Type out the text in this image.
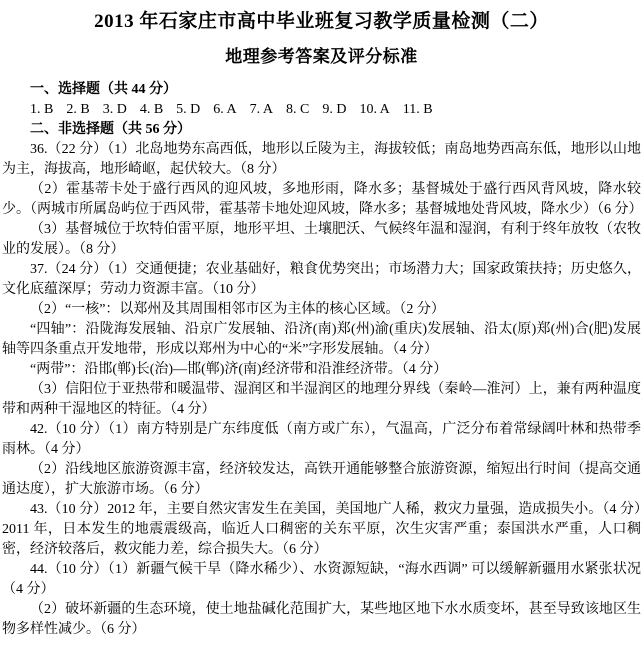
2013 年石家庄市高中毕业班复习教学质量检测（二）
地理参考答案及评分标准
一、选择题（共 44 分）
1. B 2. B 3. D 4. B 5. D 6. A 7. A 8. C 9. D 10. A 11. B
二、非选择题（共 56 分）

36.（22 分）（1）北岛地势东高西低，地形以丘陵为主，海拔较低；南岛地势西高东低，地形以山地为主，海拔高，地形崎岖，起伏较大。（8 分）

（2）霍基蒂卡处于盛行西风的迎风坡，多地形雨，降水多；基督城处于盛行西风背风坡，降水较少。（两城市所属岛屿位于西风带，霍基蒂卡地处迎风坡，降水多；基督城地处背风坡，降水少）（6 分）

（3）基督城位于坎特伯雷平原，地形平坦、土壤肥沃、气候终年温和湿润，有利于终年放牧（农牧业的发展）。（8 分）

37.（24 分）（1）交通便捷；农业基础好，粮食优势突出；市场潜力大；国家政策扶持；历史悠久，文化底蕴深厚；劳动力资源丰富。（10 分）

（2）“一核”：以郑州及其周围相邻市区为主体的核心区域。（2 分）

“四轴”：沿陇海发展轴、沿京广发展轴、沿济(南)郑(州)渝(重庆)发展轴、沿太(原)郑(州)合(肥)发展轴等四条重点开发地带，形成以郑州为中心的“米”字形发展轴。（4 分）

“两带”：沿邯(郸)长(治)—邯(郸)济(南)经济带和沿淮经济带。（4 分）

（3）信阳位于亚热带和暖温带、湿润区和半湿润区的地理分界线（秦岭—淮河）上，兼有两种温度带和两种干湿地区的特征。（4 分）

42.（10 分）（1）南方特别是广东纬度低（南方或广东），气温高，广泛分布着常绿阔叶林和热带季雨林。（4 分）

（2）沿线地区旅游资源丰富，经济较发达，高铁开通能够整合旅游资源，缩短出行时间（提高交通通达度），扩大旅游市场。（6 分）

43.（10 分）2012 年，主要自然灾害发生在美国，美国地广人稀，救灾力量强，造成损失小。（4 分）2011 年，日本发生的地震震级高，临近人口稠密的关东平原，次生灾害严重；泰国洪水严重，人口稠密，经济较落后，救灾能力差，综合损失大。（6 分）

44.（10 分）（1）新疆气候干旱（降水稀少）、水资源短缺，“海水西调” 可以缓解新疆用水紧张状况（4 分）

（2）破坏新疆的生态环境，使土地盐碱化范围扩大，某些地区地下水水质变坏，甚至导致该地区生物多样性减少。（6 分）
